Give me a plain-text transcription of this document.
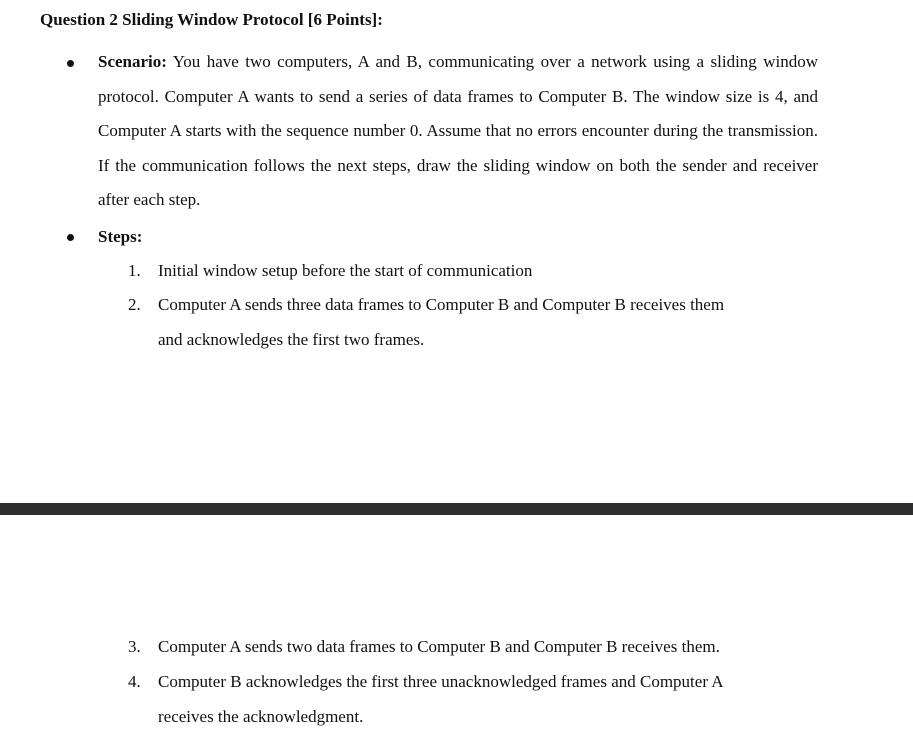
Question 2 Sliding Window Protocol [6 Points]:
Scenario: You have two computers, A and B, communicating over a network using a sliding window protocol. Computer A wants to send a series of data frames to Computer B. The window size is 4, and Computer A starts with the sequence number 0. Assume that no errors encounter during the transmission. If the communication follows the next steps, draw the sliding window on both the sender and receiver after each step.
Steps:
1. Initial window setup before the start of communication
2. Computer A sends three data frames to Computer B and Computer B receives them
and acknowledges the first two frames.
3. Computer A sends two data frames to Computer B and Computer B receives them.
4. Computer B acknowledges the first three unacknowledged frames and Computer A
receives the acknowledgment.
